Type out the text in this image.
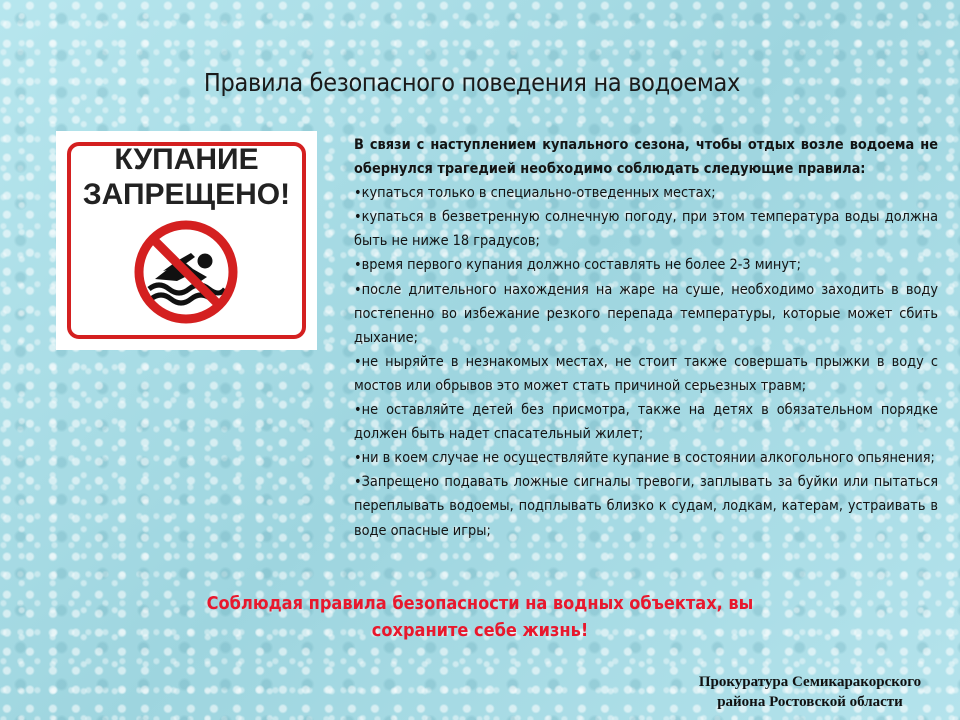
Правила безопасного поведения на водоемах
КУПАНИЕ
ЗАПРЕЩЕНО!

В связи с наступлением купального сезона, чтобы отдых возле водоема не обернулся трагедией необходимо соблюдать следующие правила:

•купаться только в специально-отведенных местах;

•купаться в безветренную солнечную погоду, при этом температура воды должна быть не ниже 18 градусов;

•время первого купания должно составлять не более 2-3 минут;

•после длительного нахождения на жаре на суше, необходимо заходить в воду постепенно во избежание резкого перепада температуры, которые может сбить дыхание;

•не ныряйте в незнакомых местах, не стоит также совершать прыжки в воду с мостов или обрывов это может стать причиной серьезных травм;

•не оставляйте детей без присмотра, также на детях в обязательном порядке должен быть надет спасательный жилет;

•ни в коем случае не осуществляйте купание в состоянии алкогольного опьянения;

•Запрещено подавать ложные сигналы тревоги, заплывать за буйки или пытаться переплывать водоемы, подплывать близко к судам, лодкам, катерам, устраивать в воде опасные игры;

Соблюдая правила безопасности на водных объектах, вы
сохраните себе жизнь!
Прокуратура Семикаракорского
района Ростовской области
